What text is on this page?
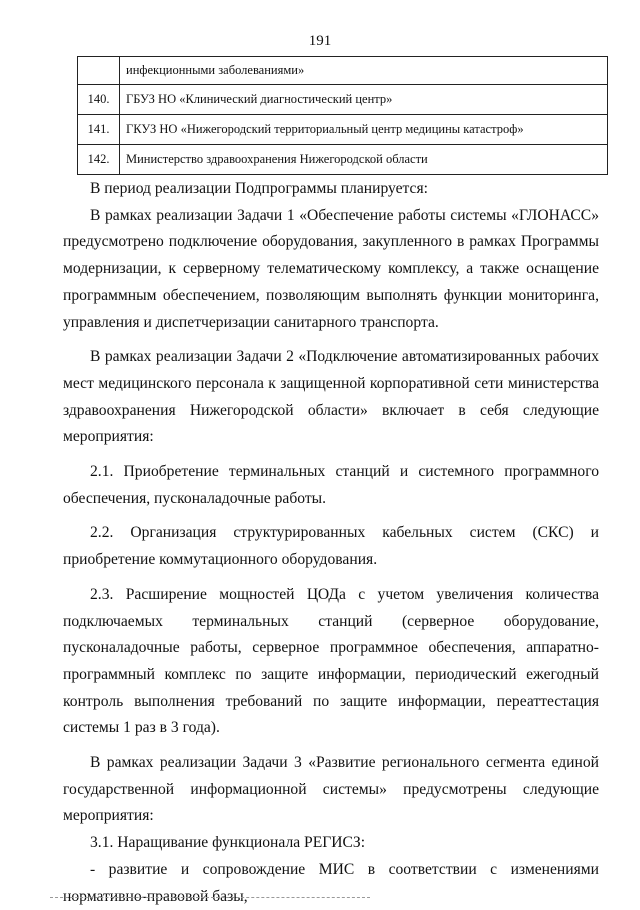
191
	инфекционными заболеваниями»
140.	ГБУЗ НО «Клинический диагностический центр»
141.	ГКУЗ НО «Нижегородский территориальный центр медицины катастроф»
142.	Министерство здравоохранения Нижегородской области

В период реализации Подпрограммы планируется:

В рамках реализации Задачи 1 «Обеспечение работы системы «ГЛОНАСС» предусмотрено подключение оборудования, закупленного в рамках Программы модернизации, к серверному телематическому комплексу, а также оснащение программным обеспечением, позволяющим выполнять функции мониторинга, управления и диспетчеризации санитарного транспорта.

В рамках реализации Задачи 2 «Подключение автоматизированных рабочих мест медицинского персонала к защищенной корпоративной сети министерства здравоохранения Нижегородской области» включает в себя следующие мероприятия:

2.1. Приобретение терминальных станций и системного программного обеспечения, пусконаладочные работы.

2.2. Организация структурированных кабельных систем (СКС) и приобретение коммутационного оборудования.

2.3. Расширение мощностей ЦОДа с учетом увеличения количества подключаемых терминальных станций (серверное оборудование, пусконаладочные работы, серверное программное обеспечения, аппаратно-программный комплекс по защите информации, периодический ежегодный контроль выполнения требований по защите информации, переаттестация системы 1 раз в 3 года).

В рамках реализации Задачи 3 «Развитие регионального сегмента единой государственной информационной системы» предусмотрены следующие мероприятия:

3.1. Наращивание функционала РЕГИСЗ:

- развитие и сопровождение МИС в соответствии с изменениями нормативно-правовой базы,
